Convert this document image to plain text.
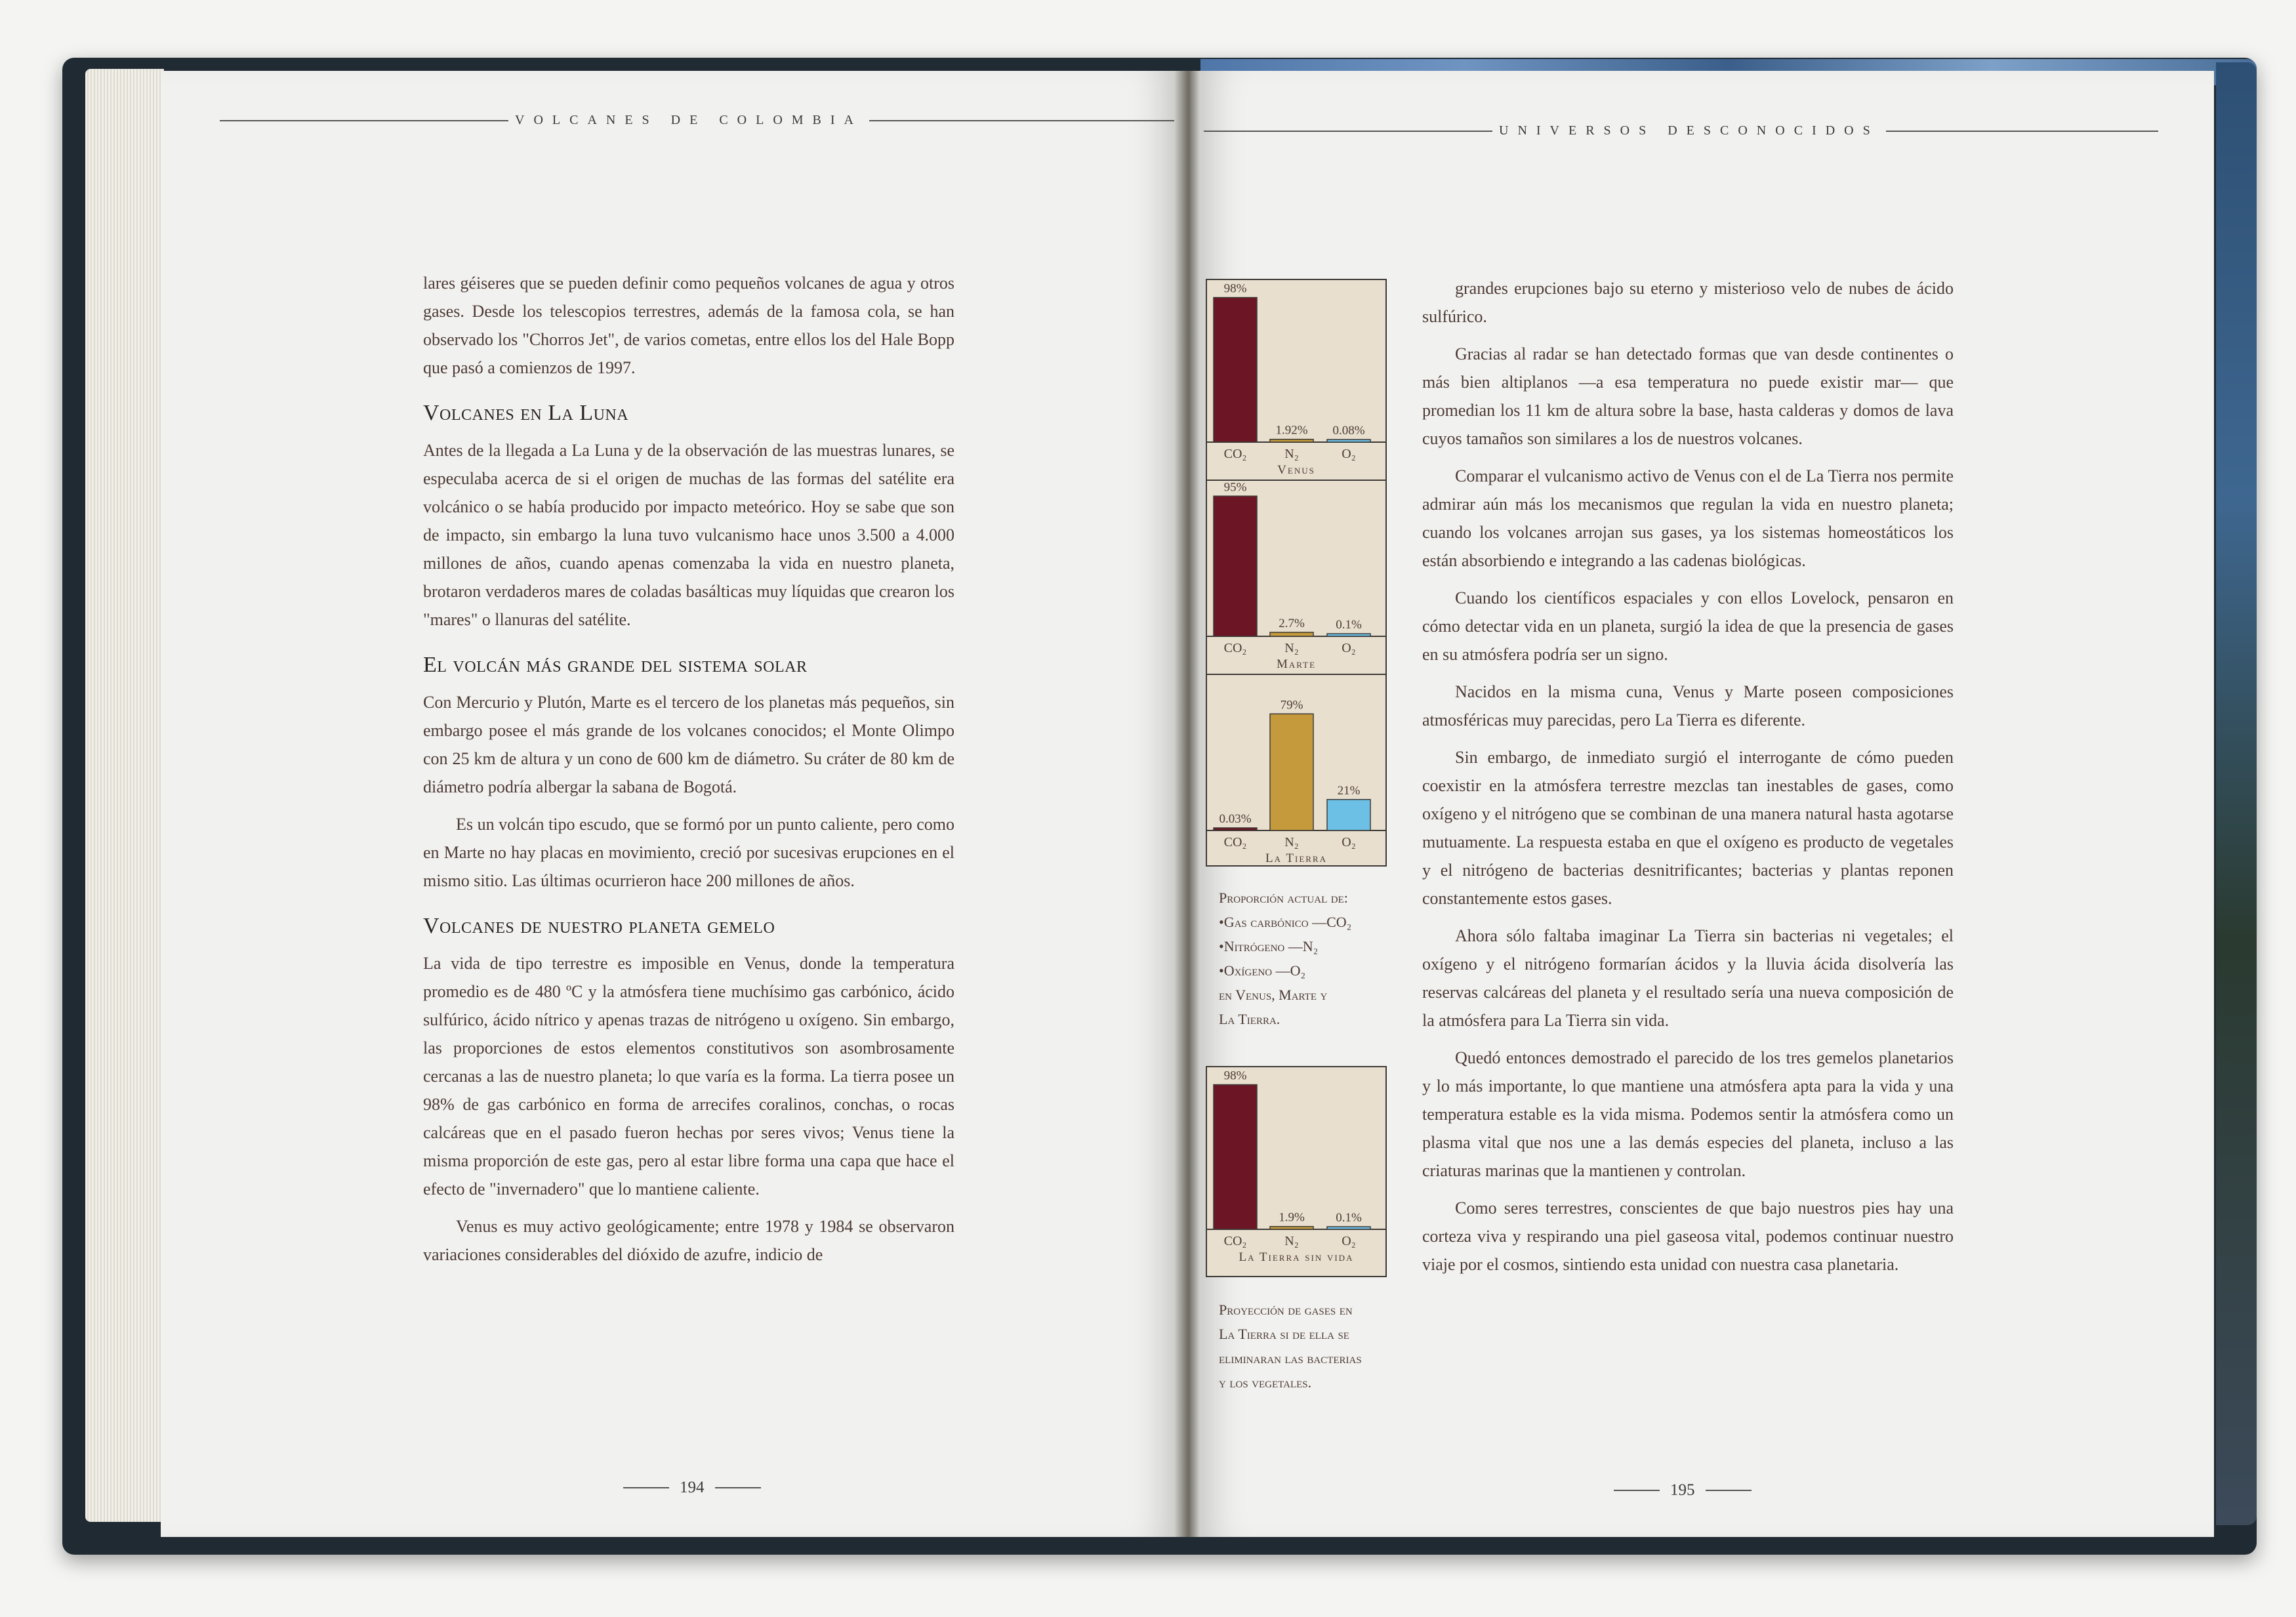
VOLCANES DE COLOMBIA
UNIVERSOS DESCONOCIDOS

lares géiseres que se pueden definir como pequeños volcanes de agua y otros gases. Desde los telescopios terrestres, además de la famosa cola, se han observado los "Chorros Jet", de varios cometas, entre ellos los del Hale Bopp que pasó a comienzos de 1997.

Volcanes en La Luna

Antes de la llegada a La Luna y de la observación de las muestras lunares, se especulaba acerca de si el origen de muchas de las formas del satélite era volcánico o se había producido por impacto meteórico. Hoy se sabe que son de impacto, sin embargo la luna tuvo vulcanismo hace unos 3.500 a 4.000 millones de años, cuando apenas comenzaba la vida en nuestro planeta, brotaron verdaderos mares de coladas basálticas muy líquidas que crearon los "mares" o llanuras del satélite.

El volcán más grande del sistema solar

Con Mercurio y Plutón, Marte es el tercero de los planetas más pequeños, sin embargo posee el más grande de los volcanes conocidos; el Monte Olimpo con 25 km de altura y un cono de 600 km de diámetro. Su cráter de 80 km de diámetro podría albergar la sabana de Bogotá.

Es un volcán tipo escudo, que se formó por un punto caliente, pero como en Marte no hay placas en movimiento, creció por sucesivas erupciones en el mismo sitio. Las últimas ocurrieron hace 200 millones de años.

Volcanes de nuestro planeta gemelo

La vida de tipo terrestre es imposible en Venus, donde la temperatura promedio es de 480 ºC y la atmósfera tiene muchísimo gas carbónico, ácido sulfúrico, ácido nítrico y apenas trazas de nitrógeno u oxígeno. Sin embargo, las proporciones de estos elementos constitutivos son asombrosamente cercanas a las de nuestro planeta; lo que varía es la forma. La tierra posee un 98% de gas carbónico en forma de arrecifes coralinos, conchas, o rocas calcáreas que en el pasado fueron hechas por seres vivos; Venus tiene la misma proporción de este gas, pero al estar libre forma una capa que hace el efecto de "invernadero" que lo mantiene caliente.

Venus es muy activo geológicamente; entre 1978 y 1984 se observaron variaciones considerables del dióxido de azufre, indicio de

grandes erupciones bajo su eterno y misterioso velo de nubes de ácido sulfúrico.

Gracias al radar se han detectado formas que van desde continentes o más bien altiplanos —a esa temperatura no puede existir mar— que promedian los 11 km de altura sobre la base, hasta calderas y domos de lava cuyos tamaños son similares a los de nuestros volcanes.

Comparar el vulcanismo activo de Venus con el de La Tierra nos permite admirar aún más los mecanismos que regulan la vida en nuestro planeta; cuando los volcanes arrojan sus gases, ya los sistemas homeostáticos los están absorbiendo e integrando a las cadenas biológicas.

Cuando los científicos espaciales y con ellos Lovelock, pensaron en cómo detectar vida en un planeta, surgió la idea de que la presencia de gases en su atmósfera podría ser un signo.

Nacidos en la misma cuna, Venus y Marte poseen composiciones atmosféricas muy parecidas, pero La Tierra es diferente.

Sin embargo, de inmediato surgió el interrogante de cómo pueden coexistir en la atmósfera terrestre mezclas tan inestables de gases, como oxígeno y el nitrógeno que se combinan de una manera natural hasta agotarse mutuamente. La respuesta estaba en que el oxígeno es producto de vegetales y el nitrógeno de bacterias desnitrificantes; bacterias y plantas reponen constantemente estos gases.

Ahora sólo faltaba imaginar La Tierra sin bacterias ni vegetales; el oxígeno y el nitrógeno formarían ácidos y la lluvia ácida disolvería las reservas calcáreas del planeta y el resultado sería una nueva composición de la atmósfera para La Tierra sin vida.

Quedó entonces demostrado el parecido de los tres gemelos planetarios y lo más importante, lo que mantiene una atmósfera apta para la vida y una temperatura estable es la vida misma. Podemos sentir la atmósfera como un plasma vital que nos une a las demás especies del planeta, incluso a las criaturas marinas que la mantienen y controlan.

Como seres terrestres, conscientes de que bajo nuestros pies hay una corteza viva y respirando una piel gaseosa vital, podemos continuar nuestro viaje por el cosmos, sintiendo esta unidad con nuestra casa planetaria.

194	195
98%
CO₂
1.92%
N₂
0.08%
O₂
Venus
95%
CO₂
2.7%
N₂
0.1%
O₂
Marte
0.03%
CO₂
79%
N₂
21%
O₂
La Tierra
98%
CO₂
1.9%
N₂
0.1%
O₂
La Tierra sin vida
Proporción actual de:
•Gas carbónico —CO₂
•Nitrógeno —N₂
•Oxígeno —O₂
en Venus, Marte y
La Tierra.
Proyección de gases en
La Tierra si de ella se
eliminaran las bacterias
y los vegetales.
